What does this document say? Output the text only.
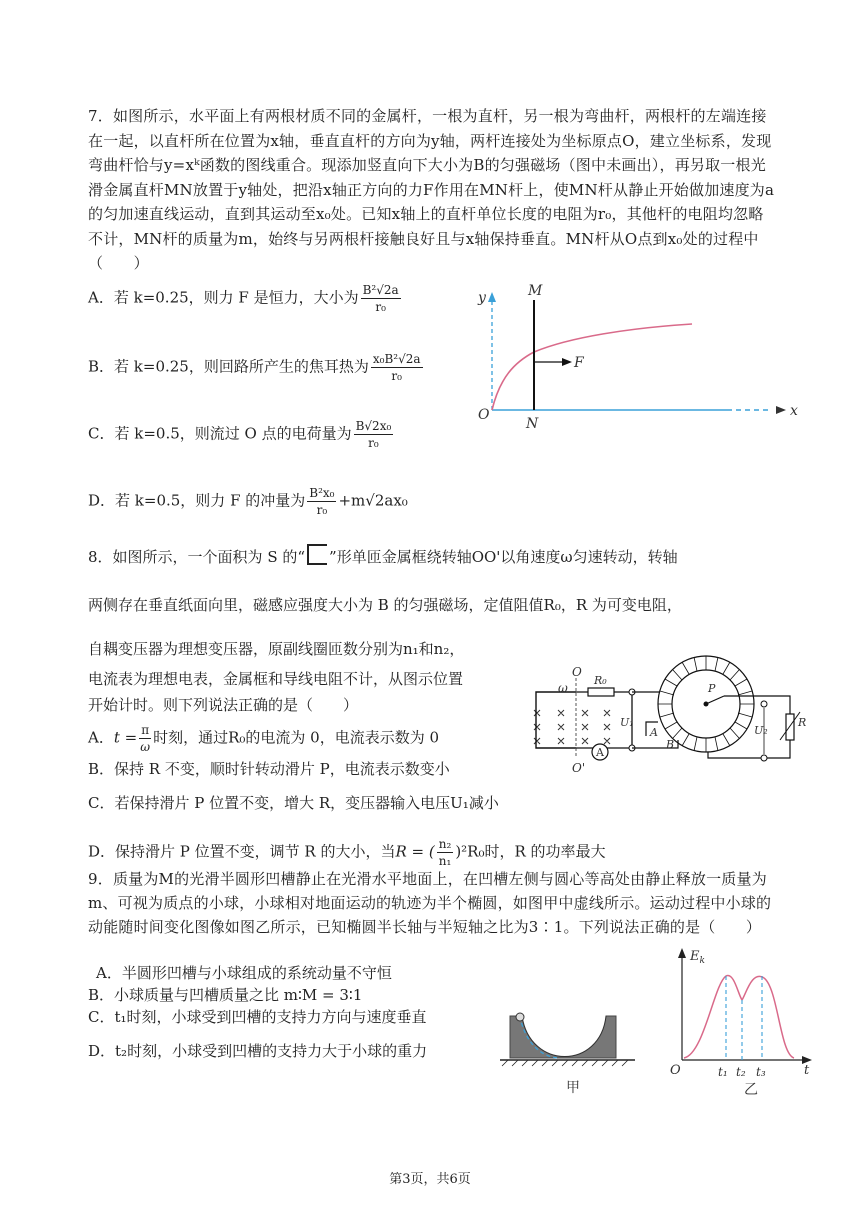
7．如图所示，水平面上有两根材质不同的金属杆，一根为直杆，另一根为弯曲杆，两根杆的左端连接在一起，以直杆所在位置为x轴，垂直直杆的方向为y轴，两杆连接处为坐标原点O，建立坐标系，发现弯曲杆恰与y=xᵏ函数的图线重合。现添加竖直向下大小为B的匀强磁场（图中未画出），再另取一根光滑金属直杆MN放置于y轴处，把沿x轴正方向的力F作用在MN杆上，使MN杆从静止开始做加速度为a的匀加速直线运动，直到其运动至x₀处。已知x轴上的直杆单位长度的电阻为r₀，其他杆的电阻均忽略不计，MN杆的质量为m，始终与另两根杆接触良好且与x轴保持垂直。MN杆从O点到x₀处的过程中（　　）
A．若 k=0.25，则力 F 是恒力，大小为 $\frac{\text{B²√2a}}{\text{r₀}}$
B．若 k=0.25，则回路所产生的焦耳热为 $\frac{\text{x₀B²√2a}}{\text{r₀}}$
C．若 k=0.5，则流过 O 点的电荷量为 $\frac{\text{B√2x₀}}{\text{r₀}}$
D．若 k=0.5，则力 F 的冲量为 $\frac{\text{B²x₀}}{\text{r₀}} +m√2ax_0$
y
x
M
N
O
F
8．如图所示，一个面积为 S 的“ ”形单匝金属框绕转轴OO'以角速度ω匀速转动，转轴
两侧存在垂直纸面向里，磁感应强度大小为 B 的匀强磁场，定值阻值R₀，R 为可变电阻，
自耦变压器为理想变压器，原副线圈匝数分别为n₁和n₂，
电流表为理想电表，金属框和导线电阻不计，从图示位置
开始计时。则下列说法正确的是（　　）
A．$t = \frac{\pi}{\omega}$ 时刻，通过R₀的电流为 0，电流表示数为 0
B．保持 R 不变，顺时针转动滑片 P，电流表示数变小
C．若保持滑片 P 位置不变，增大 R，变压器输入电压U₁减小
D．保持滑片 P 位置不变，调节 R 的大小，当R = ( $\frac{\text{n₂}}{\text{n₁}} )^2R_0$时，R 的功率最大
O
O'
ω
R₀
A
U₁
P
A
B
U₂
R
9．质量为M的光滑半圆形凹槽静止在光滑水平地面上，在凹槽左侧与圆心等高处由静止释放一质量为m、可视为质点的小球，小球相对地面运动的轨迹为半个椭圆，如图甲中虚线所示。运动过程中小球的动能随时间变化图像如图乙所示，已知椭圆半长轴与半短轴之比为3∶1。下列说法正确的是（　　）
A．半圆形凹槽与小球组成的系统动量不守恒
B．小球质量与凹槽质量之比 m∶M = 3∶1
C．t₁时刻，小球受到凹槽的支持力方向与速度垂直
D．t₂时刻，小球受到凹槽的支持力大于小球的重力
甲
$E_k$
t
O	t₁ t₂ t₃
乙
第3页，共6页
